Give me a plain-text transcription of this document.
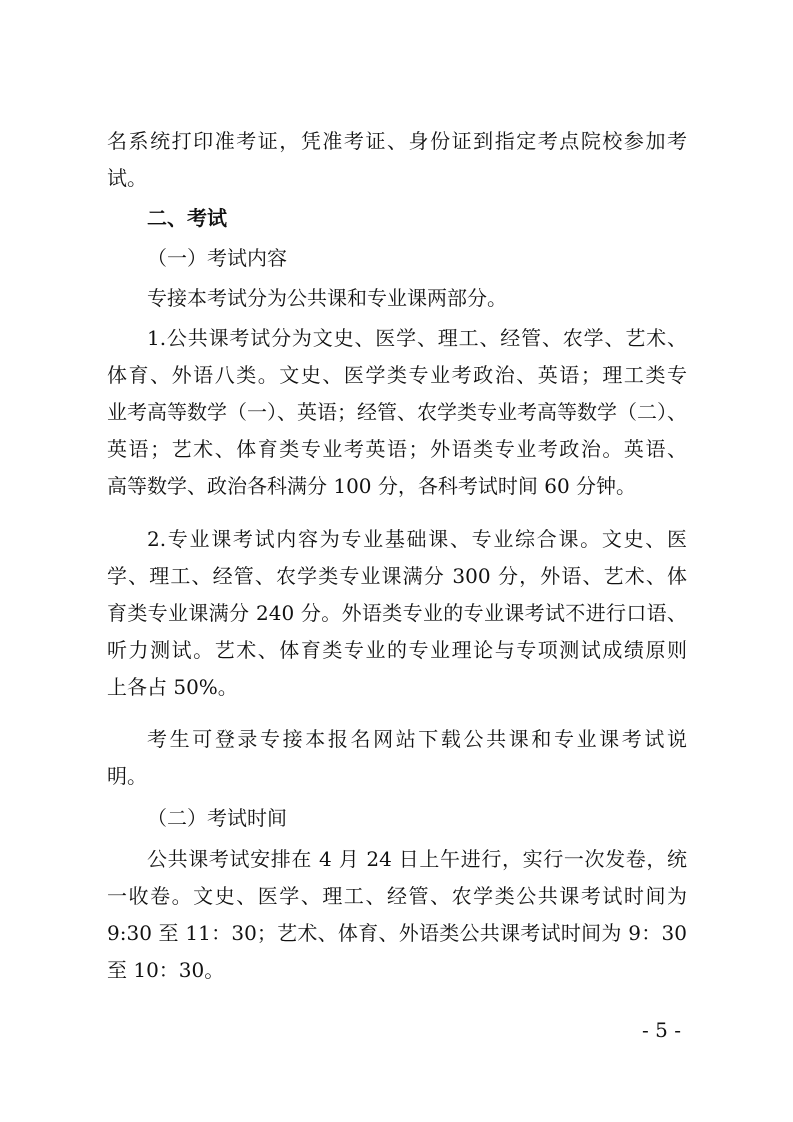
名系统打印准考证，凭准考证、身份证到指定考点院校参加考
试。
二、考试
（一）考试内容
专接本考试分为公共课和专业课两部分。
1.公共课考试分为文史、医学、理工、经管、农学、艺术、
体育、外语八类。文史、医学类专业考政治、英语；理工类专
业考高等数学（一）、英语；经管、农学类专业考高等数学（二）、
英语；艺术、体育类专业考英语；外语类专业考政治。英语、
高等数学、政治各科满分 100 分，各科考试时间 60 分钟。
2.专业课考试内容为专业基础课、专业综合课。文史、医
学、理工、经管、农学类专业课满分 300 分，外语、艺术、体
育类专业课满分 240 分。外语类专业的专业课考试不进行口语、
听力测试。艺术、体育类专业的专业理论与专项测试成绩原则
上各占 50%。
考生可登录专接本报名网站下载公共课和专业课考试说
明。
（二）考试时间
公共课考试安排在 4 月 24 日上午进行，实行一次发卷，统
一收卷。文史、医学、理工、经管、农学类公共课考试时间为
9:30 至 11：30；艺术、体育、外语类公共课考试时间为 9：30
至 10：30。
- 5 -
